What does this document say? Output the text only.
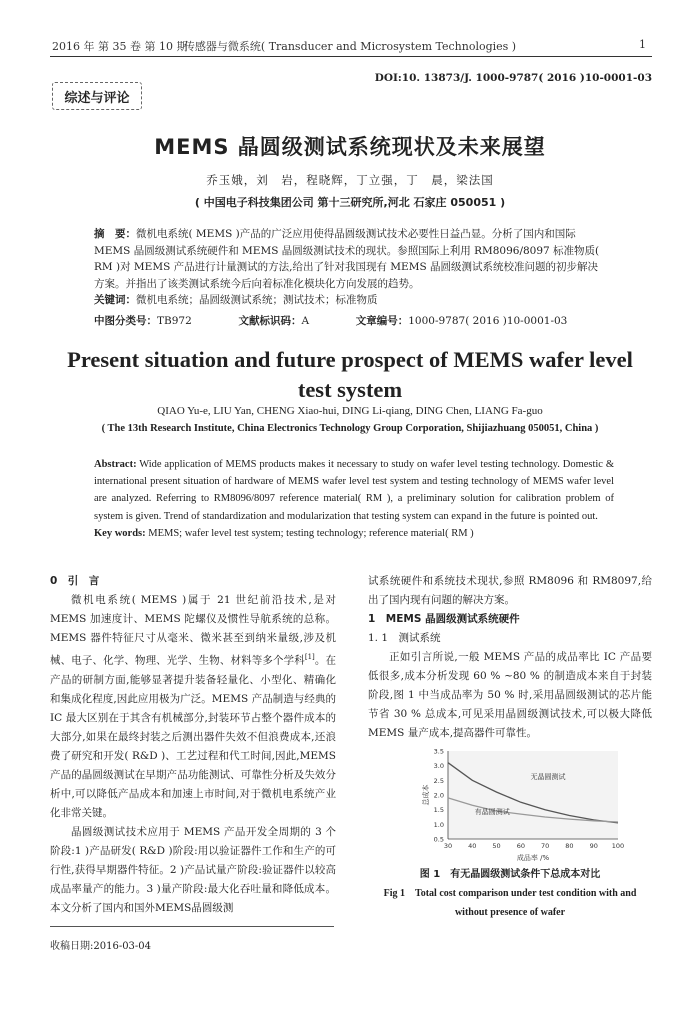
2016 年 第 35 卷 第 10 期
传感器与微系统( Transducer and Microsystem Technologies )	1
DOI:10. 13873/J. 1000-9787( 2016 )10-0001-03
综述与评论
MEMS 晶圆级测试系统现状及未来展望
乔玉娥，刘　岩，程晓辉，丁立强，丁　晨，梁法国
( 中国电子科技集团公司 第十三研究所,河北 石家庄 050051 )
摘　要：微机电系统( MEMS )产品的广泛应用使得晶圆级测试技术必要性日益凸显。分析了国内和国际MEMS 晶圆级测试系统硬件和 MEMS 晶圆级测试技术的现状。参照国际上利用 RM8096/8097 标准物质( RM )对 MEMS 产品进行计量测试的方法,给出了针对我国现有 MEMS 晶圆级测试系统校准问题的初步解决方案。并指出了该类测试系统今后向着标准化模块化方向发展的趋势。
关键词：微机电系统；晶圆级测试系统；测试技术；标准物质
中图分类号：TB972	文献标识码：A	文章编号：1000-9787( 2016 )10-0001-03
Present situation and future prospect of MEMS wafer level test system
QIAO Yu-e, LIU Yan, CHENG Xiao-hui, DING Li-qiang, DING Chen, LIANG Fa-guo
( The 13th Research Institute, China Electronics Technology Group Corporation, Shijiazhuang 050051, China )
Abstract: Wide application of MEMS products makes it necessary to study on wafer level testing technology. Domestic & international present situation of hardware of MEMS wafer level test system and testing technology of MEMS wafer level are analyzed. Referring to RM8096/8097 reference material( RM ), a preliminary solution for calibration problem of system is given. Trend of standardization and modularization that testing system can expand in the future is pointed out.
Key words: MEMS; wafer level test system; testing technology; reference material( RM )

0　引　言

微机电系统( MEMS )属于 21 世纪前沿技术,是对 MEMS 加速度计、MEMS 陀螺仪及惯性导航系统的总称。MEMS 器件特征尺寸从毫米、微米甚至到纳米量级,涉及机械、电子、化学、物理、光学、生物、材料等多个学科[1]。在产品的研制方面,能够显著提升装备轻量化、小型化、精确化和集成化程度,因此应用极为广泛。MEMS 产品制造与经典的 IC 最大区别在于其含有机械部分,封装环节占整个器件成本的大部分,如果在最终封装之后测出器件失效不但浪费成本,还浪费了研究和开发( R&D )、工艺过程和代工时间,因此,MEMS 产品的晶圆级测试在早期产品功能测试、可靠性分析及失效分析中,可以降低产品成本和加速上市时间,对于微机电系统产业化非常关键。

晶圆级测试技术应用于 MEMS 产品开发全周期的 3 个阶段:1 )产品研发( R&D )阶段:用以验证器件工作和生产的可行性,获得早期器件特征。2 )产品试量产阶段:验证器件以较高成品率量产的能力。3 )量产阶段:最大化吞吐量和降低成本。本文分析了国内和国外MEMS晶圆级测

试系统硬件和系统技术现状,参照 RM8096 和 RM8097,给出了国内现有问题的解决方案。

1　MEMS 晶圆级测试系统硬件

1. 1　测试系统

正如引言所说,一般 MEMS 产品的成品率比 IC 产品要低很多,成本分析发现 60 % ~80 % 的制造成本来自于封装阶段,图 1 中当成品率为 50 % 时,采用晶圆级测试的芯片能节省 30 % 总成本,可见采用晶圆级测试技术,可以极大降低 MEMS 量产成本,提高器件可靠性。

0.5
1.0
1.5
2.0
2.5
3.0
3.5
30 40 50 60 70 80 90 100
成品率 /%
总成本
无晶圆测试
有晶圆测试
图 1　有无晶圆级测试条件下总成本对比
Fig 1　Total cost comparison under test condition with and without presence of wafer
收稿日期:2016-03-04
